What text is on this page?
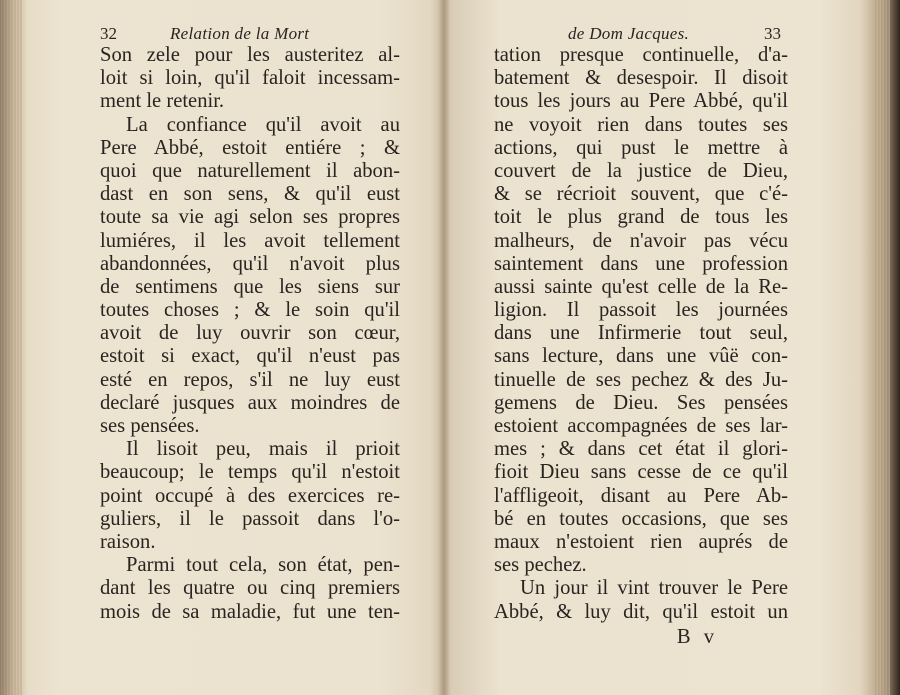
32	Relation de la Mort
Son zele pour les austeritez al-
loit si loin, qu'il faloit incessam-
ment le retenir.
La confiance qu'il avoit au
Pere Abbé, estoit entiére ; &
quoi que naturellement il abon-
dast en son sens, & qu'il eust
toute sa vie agi selon ses propres
lumiéres, il les avoit tellement
abandonnées, qu'il n'avoit plus
de sentimens que les siens sur
toutes choses ; & le soin qu'il
avoit de luy ouvrir son cœur,
estoit si exact, qu'il n'eust pas
esté en repos, s'il ne luy eust
declaré jusques aux moindres de
ses pensées.
Il lisoit peu, mais il prioit
beaucoup; le temps qu'il n'estoit
point occupé à des exercices re-
guliers, il le passoit dans l'o-
raison.
Parmi tout cela, son état, pen-
dant les quatre ou cinq premiers
mois de sa maladie, fut une ten-
de Dom Jacques.	33
tation presque continuelle, d'a-
batement & desespoir. Il disoit
tous les jours au Pere Abbé, qu'il
ne voyoit rien dans toutes ses
actions, qui pust le mettre à
couvert de la justice de Dieu,
& se récrioit souvent, que c'é-
toit le plus grand de tous les
malheurs, de n'avoir pas vécu
saintement dans une profession
aussi sainte qu'est celle de la Re-
ligion. Il passoit les journées
dans une Infirmerie tout seul,
sans lecture, dans une vûë con-
tinuelle de ses pechez & des Ju-
gemens de Dieu. Ses pensées
estoient accompagnées de ses lar-
mes ; & dans cet état il glori-
fioit Dieu sans cesse de ce qu'il
l'affligeoit, disant au Pere Ab-
bé en toutes occasions, que ses
maux n'estoient rien auprés de
ses pechez.
Un jour il vint trouver le Pere
Abbé, & luy dit, qu'il estoit un
B v
